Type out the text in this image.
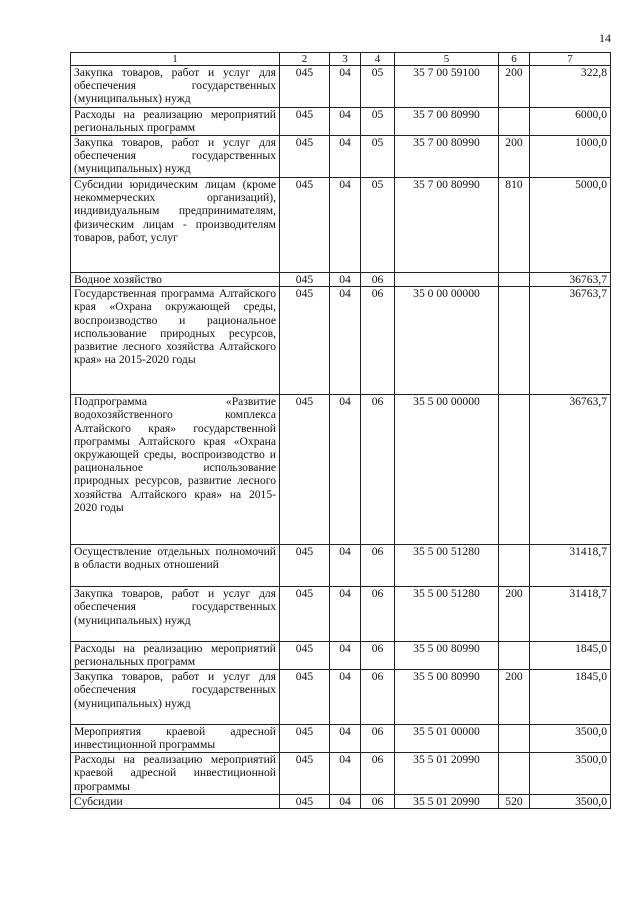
14
1	2	3	4	5	6	7
Закупка товаров, работ и услуг для обеспечения государственных (муниципальных) нужд	045	04	05	35 7 00 59100	200	322,8
Расходы на реализацию мероприятий региональных программ	045	04	05	35 7 00 80990		6000,0
Закупка товаров, работ и услуг для обеспечения государственных (муниципальных) нужд	045	04	05	35 7 00 80990	200	1000,0
Субсидии юридическим лицам (кроме некоммерческих организаций), индивидуальным предпринимателям, физическим лицам - производителям товаров, работ, услуг	045	04	05	35 7 00 80990	810	5000,0
Водное хозяйство	045	04	06			36763,7
Государственная программа Алтайского края «Охрана окружающей среды, воспроизводство и рациональное использование природных ресурсов, развитие лесного хозяйства Алтайского края» на 2015-2020 годы	045	04	06	35 0 00 00000		36763,7
Подпрограмма «Развитие водохозяйственного комплекса Алтайского края» государственной программы Алтайского края «Охрана окружающей среды, воспроизводство и рациональное использование природных ресурсов, развитие лесного хозяйства Алтайского края» на 2015-2020 годы	045	04	06	35 5 00 00000		36763,7
Осуществление отдельных полномочий в области водных отношений	045	04	06	35 5 00 51280		31418,7
Закупка товаров, работ и услуг для обеспечения государственных (муниципальных) нужд	045	04	06	35 5 00 51280	200	31418,7
Расходы на реализацию мероприятий региональных программ	045	04	06	35 5 00 80990		1845,0
Закупка товаров, работ и услуг для обеспечения государственных (муниципальных) нужд	045	04	06	35 5 00 80990	200	1845,0
Мероприятия краевой адресной инвестиционной программы	045	04	06	35 5 01 00000		3500,0
Расходы на реализацию мероприятий краевой адресной инвестиционной программы	045	04	06	35 5 01 20990		3500,0
Субсидии	045	04	06	35 5 01 20990	520	3500,0
